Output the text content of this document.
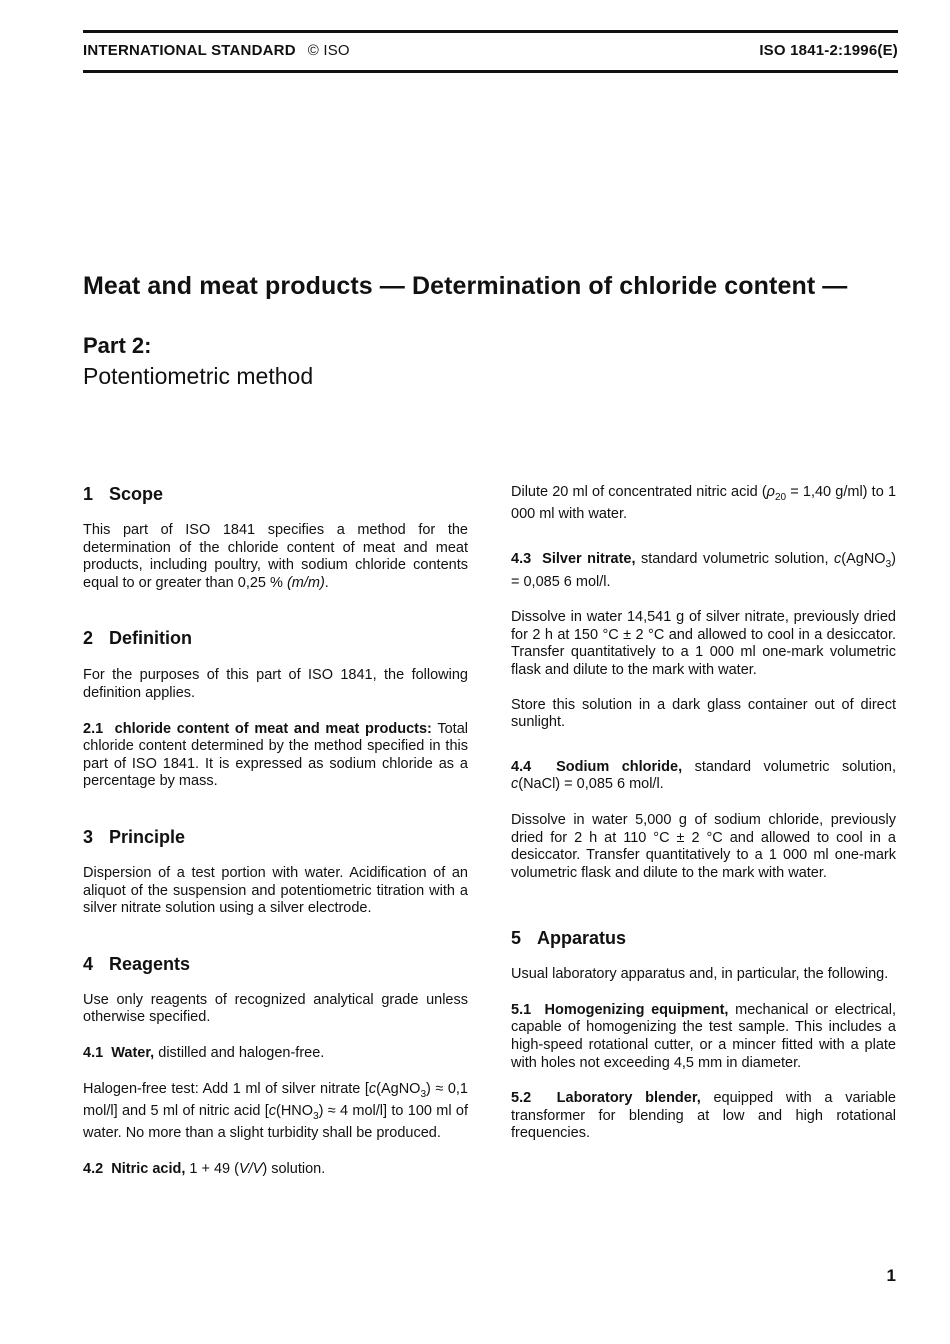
INTERNATIONAL STANDARD © ISO	ISO 1841-2:1996(E)
Meat and meat products — Determination of chloride content —
Part 2:
Potentiometric method
1 Scope

This part of ISO 1841 specifies a method for the determination of the chloride content of meat and meat products, including poultry, with sodium chloride contents equal to or greater than 0,25 % (m/m).

2 Definition

For the purposes of this part of ISO 1841, the following definition applies.

2.1 chloride content of meat and meat products: Total chloride content determined by the method specified in this part of ISO 1841. It is expressed as sodium chloride as a percentage by mass.

3 Principle

Dispersion of a test portion with water. Acidification of an aliquot of the suspension and potentiometric titration with a silver nitrate solution using a silver electrode.

4 Reagents

Use only reagents of recognized analytical grade unless otherwise specified.

4.1 Water, distilled and halogen-free.

Halogen-free test: Add 1 ml of silver nitrate [c(AgNO$_3$) ≈ 0,1 mol/l] and 5 ml of nitric acid [$c(HNO_3) \approx 4$ mol/l] to 100 ml of water. No more than a slight turbidity shall be produced.

4.2 Nitric acid, 1 + 49 (V/V) solution.

Dilute 20 ml of concentrated nitric acid ($\rho_{20} = 1,40$ g/ml) to 1 000 ml with water.

4.3 Silver nitrate, standard volumetric solution, c(AgNO$_3$) = 0,085 6 mol/l.

Dissolve in water 14,541 g of silver nitrate, previously dried for 2 h at 150 °C ± 2 °C and allowed to cool in a desiccator. Transfer quantitatively to a 1 000 ml one-mark volumetric flask and dilute to the mark with water.

Store this solution in a dark glass container out of direct sunlight.

4.4 Sodium chloride, standard volumetric solution, c(NaCl) = 0,085 6 mol/l.

Dissolve in water 5,000 g of sodium chloride, previously dried for 2 h at 110 °C ± 2 °C and allowed to cool in a desiccator. Transfer quantitatively to a 1 000 ml one-mark volumetric flask and dilute to the mark with water.

5 Apparatus

Usual laboratory apparatus and, in particular, the following.

5.1 Homogenizing equipment, mechanical or electrical, capable of homogenizing the test sample. This includes a high-speed rotational cutter, or a mincer fitted with a plate with holes not exceeding 4,5 mm in diameter.

5.2 Laboratory blender, equipped with a variable transformer for blending at low and high rotational frequencies.

1
